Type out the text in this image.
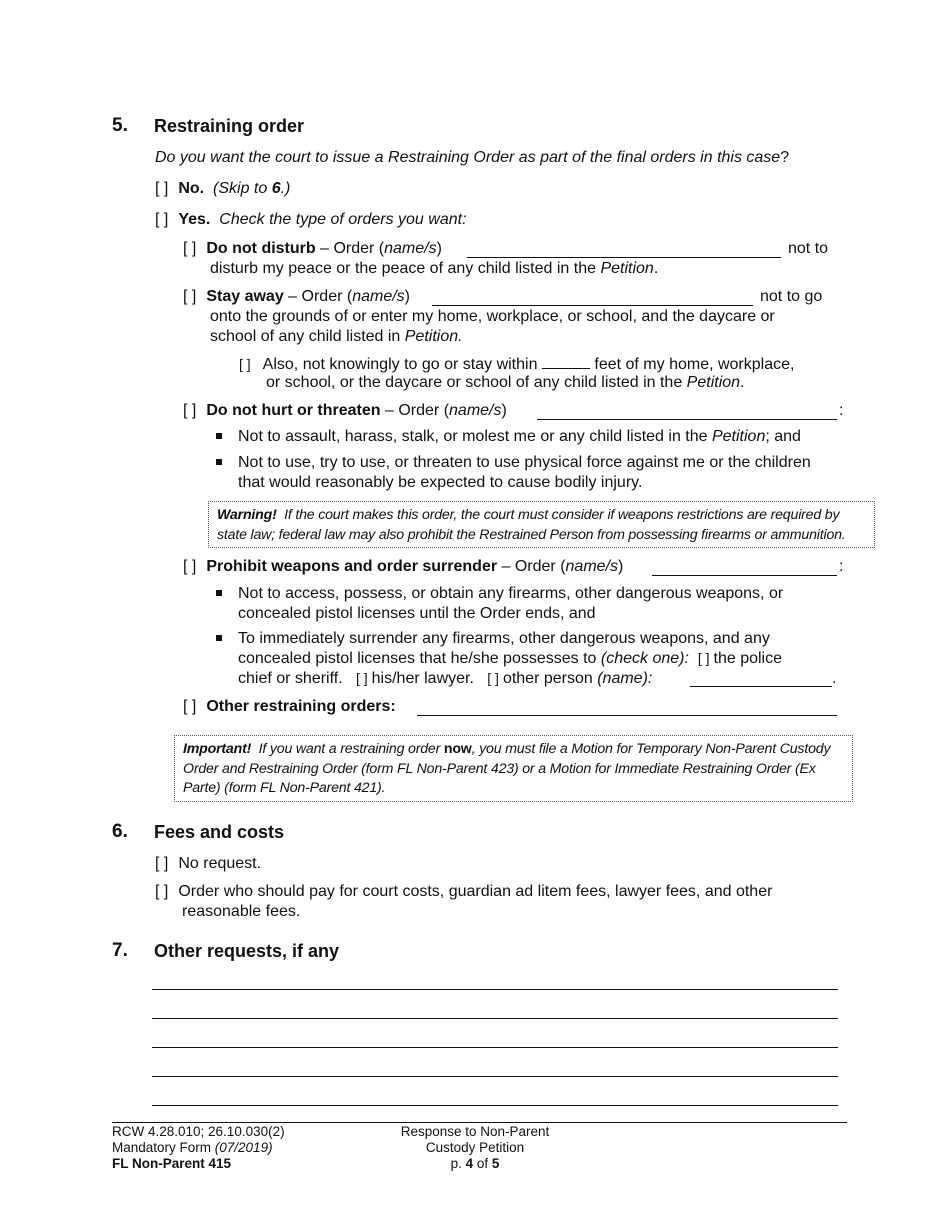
5. Restraining order
Do you want the court to issue a Restraining Order as part of the final orders in this case?
[ ] No. (Skip to 6.)
[ ] Yes. Check the type of orders you want:
[ ] Do not disturb – Order (name/s)	not to
disturb my peace or the peace of any child listed in the Petition.
[ ] Stay away – Order (name/s)	not to go
onto the grounds of or enter my home, workplace, or school, and the daycare or
school of any child listed in Petition.
[ ] Also, not knowingly to go or stay within	feet of my home, workplace,
or school, or the daycare or school of any child listed in the Petition.
[ ] Do not hurt or threaten – Order (name/s)	:
Not to assault, harass, stalk, or molest me or any child listed in the Petition; and
Not to use, try to use, or threaten to use physical force against me or the children
that would reasonably be expected to cause bodily injury.
Warning! If the court makes this order, the court must consider if weapons restrictions are required by state law; federal law may also prohibit the Restrained Person from possessing firearms or ammunition.
[ ] Prohibit weapons and order surrender – Order (name/s)	:
Not to access, possess, or obtain any firearms, other dangerous weapons, or
concealed pistol licenses until the Order ends, and
To immediately surrender any firearms, other dangerous weapons, and any
concealed pistol licenses that he/she possesses to (check one): [ ] the police
chief or sheriff. [ ] his/her lawyer. [ ] other person (name):	.
[ ] Other restraining orders:
Important! If you want a restraining order now, you must file a Motion for Temporary Non-Parent Custody Order and Restraining Order (form FL Non-Parent 423) or a Motion for Immediate Restraining Order (Ex Parte) (form FL Non-Parent 421).
6. Fees and costs
[ ] No request.
[ ] Order who should pay for court costs, guardian ad litem fees, lawyer fees, and other
reasonable fees.
7. Other requests, if any
RCW 4.28.010; 26.10.030(2)
Mandatory Form (07/2019)
FL Non-Parent 415
Response to Non-Parent
Custody Petition
p. 4 of 5
